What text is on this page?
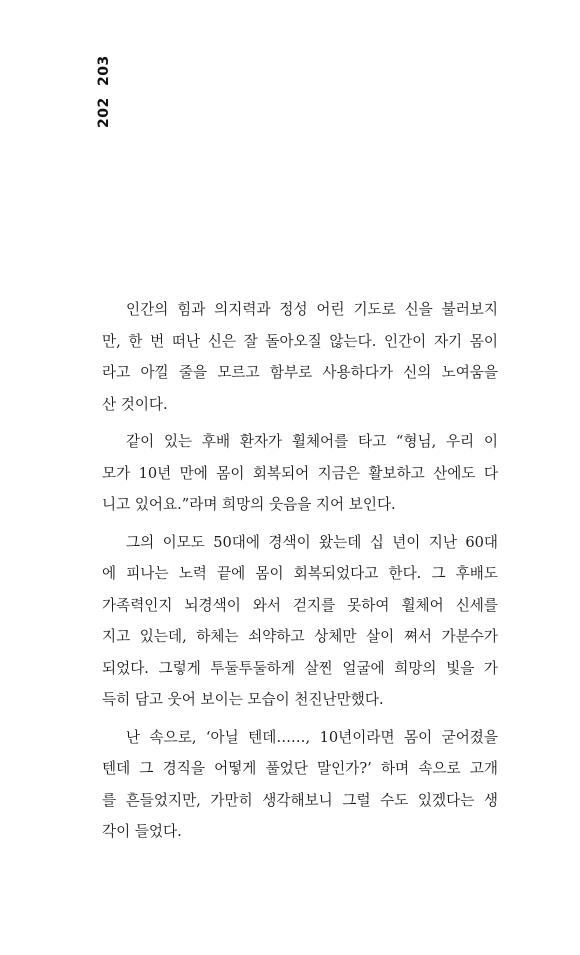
203
202
인간의 힘과 의지력과 정성 어린 기도로 신을 불러보지
만, 한 번 떠난 신은 잘 돌아오질 않는다. 인간이 자기 몸이
라고 아낄 줄을 모르고 함부로 사용하다가 신의 노여움을
산 것이다.
같이 있는 후배 환자가 휠체어를 타고 “형님, 우리 이
모가 10년 만에 몸이 회복되어 지금은 활보하고 산에도 다
니고 있어요.”라며 희망의 웃음을 지어 보인다.
그의 이모도 50대에 경색이 왔는데 십 년이 지난 60대
에 피나는 노력 끝에 몸이 회복되었다고 한다. 그 후배도
가족력인지 뇌경색이 와서 걷지를 못하여 휠체어 신세를
지고 있는데, 하체는 쇠약하고 상체만 살이 쪄서 가분수가
되었다. 그렇게 투둘투둘하게 살찐 얼굴에 희망의 빛을 가
득히 담고 웃어 보이는 모습이 천진난만했다.
난 속으로, ‘아닐 텐데……, 10년이라면 몸이 굳어졌을
텐데 그 경직을 어떻게 풀었단 말인가?’ 하며 속으로 고개
를 흔들었지만, 가만히 생각해보니 그럴 수도 있겠다는 생
각이 들었다.
